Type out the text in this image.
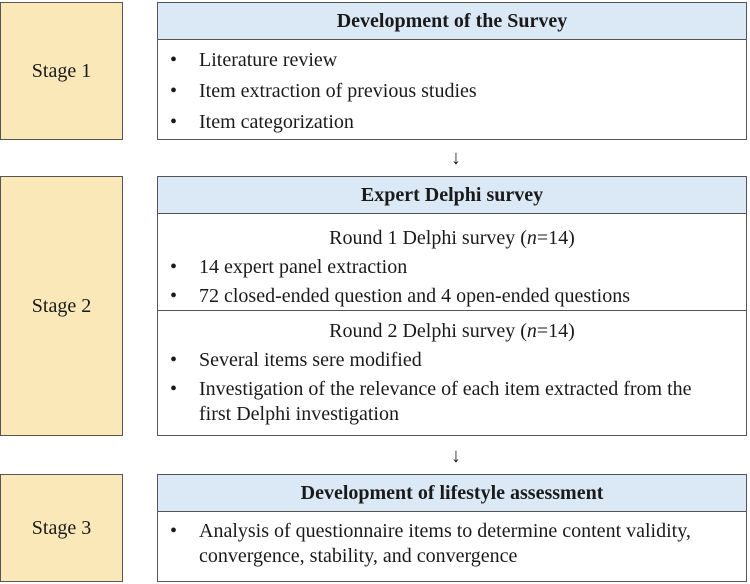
Stage 1
Stage 2
Stage 3
Development of the Survey
• Literature review
• Item extraction of previous studies
• Item categorization
↓
Expert Delphi survey
Round 1 Delphi survey (n=14)
• 14 expert panel extraction
• 72 closed-ended question and 4 open-ended questions
Round 2 Delphi survey (n=14)
• Several items sere modified
• Investigation of the relevance of each item extracted from the first Delphi investigation
↓
Development of lifestyle assessment
• Analysis of questionnaire items to determine content validity, convergence, stability, and convergence
